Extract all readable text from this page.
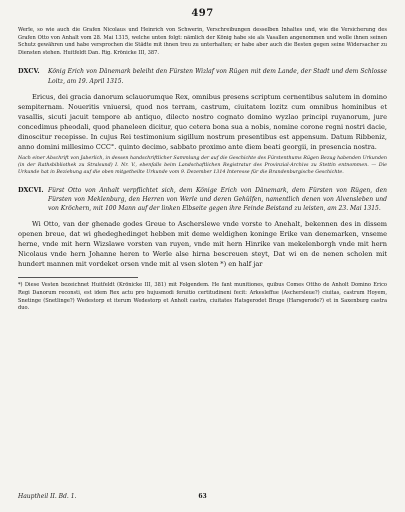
497

Werle, so wie auch die Grafen Nicolaus und Heinrich von Schwerin, Verschreibungen desselben Inhaltes und, wie die Versicherung des Grafen Otto von Anhalt vom 28. Mai 1315, welche unten folgt: nämlich der König habe sie als Vasallen angenommen und wolle ihnen seinen Schutz gewähren und habe versprochen die Städte mit ihnen treu zu unterhalten; er habe aber auch die Besten gegen seine Widersacher zu Diensten stehen. Huitfeldt Dan. Rig. Krönicke III, 387.

DXCV.	König Erich von Dänemark beleiht den Fürsten Wizlaf von Rügen mit dem Lande, der Stadt und dem Schlosse Loitz, am 19. April 1315.

Ericus, dei gracia danorum sclauorumque Rex, omnibus presens scriptum cernentibus salutem in domino sempiternam. Noueritis vniuersi, quod nos terram, castrum, ciuitatem lozitz cum omnibus hominibus et vasallis, sicuti jacuit tempore ab antiquo, dilecto nostro cognato domino wyzlao principi ruyanorum, jure concedimus pheodali, quod phaneleen dicitur, quo cetera bona sua a nobis, nomine corone regni nostri dacie, dinoscitur recepisse. In cujus Rei testimonium sigillum nostrum presentibus est appensum. Datum Ribbeniz, anno domini millesimo CCC°. quinto decimo, sabbato proximo ante diem beati georgii, in presencia nostra.

Nach einer Abschrift von Jaberlich, in dessen handschriftlicher Sammlung der auf die Geschichte des Fürstenthums Rügen Bezug habenden Urkunden (in der Rathsbibliothek zu Stralsund) I. Nr. V., ebenfalls beim Landschaftlichen Registratur des Provinzial-Archivs zu Stettin entnommen. — Die Urkunde hat in Beziehung auf die oben mitgetheilte Urkunde vom 9. Dezember 1314 Interesse für die Brandenburgische Geschichte.

DXCVI. Fürst Otto von Anhalt verpflichtet sich, dem Könige Erich von Dänemark, dem Fürsten von Rügen, den Fürsten von Meklenburg, den Herren von Werle und deren Gehülfen, namentlich denen von Alvensleben und von Kröchern, mit 100 Mann auf der linken Elbseite gegen ihre Feinde Beistand zu leisten, am 23. Mai 1315.

Wi Otto, van der ghenade godes Greue to Ascherslewe vnde vorste to Anehalt, bekennen des in dissem openen breue, dat wi ghedeghedinget hebben mit deme weldighen koninge Erike van denemarken, vnseme herne, vnde mit hern Wizslawe vorsten van ruyen, vnde mit hern Hinrike van mekelenborgh vnde mit hern Nicolaus vnde hern Johanne heren to Werle alse hirna bescreuen steyt, Dat wi en de nenen scholen mit hundert mannen mit vordeket orsen vnde mit al vsen sloten *) en half jar

*) Diese Vesten bezeichnet Huitfeldt (Krönicke III, 381) mit Folgendem. He fant munitiones, quibus Comes Ottho de Anholt Domino Erico Regi Danorum reconsti, est idem Rex actu pro hujusmodi feruitio certitudineni fecit: Arkesleffue (Aschersleue?) ciuitas, castrum Hoyem, Snetinge (Snetlinge?) Wedestorp et iterum Wedestorp et Anholt castra, ciuitates Hatsgerodet Bruge (Harsgerode?) et in Saxenburg castra duo.

Hauptheil II. Bd. 1.	63
